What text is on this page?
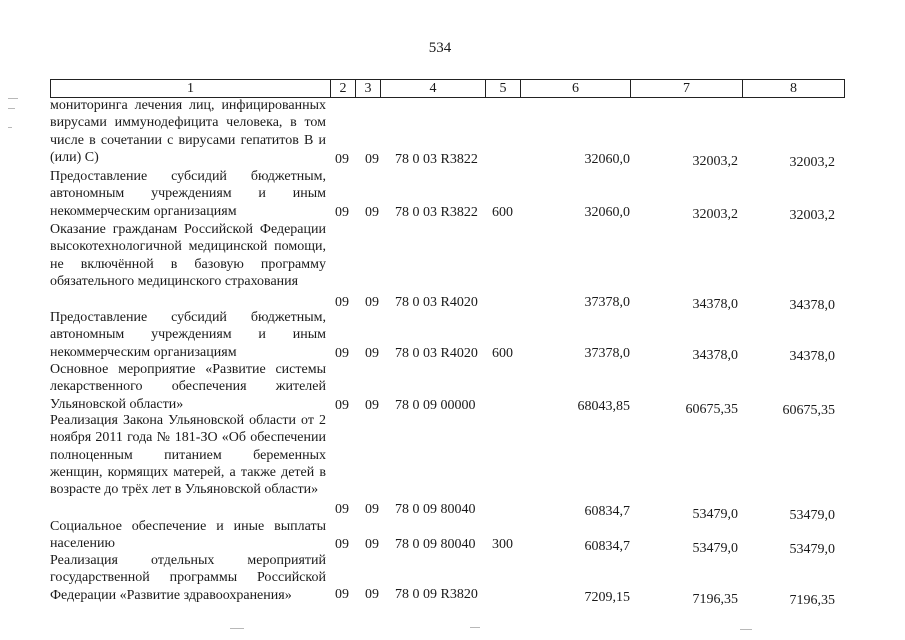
534
1	2	3	4	5	6	7	8
мониторинга лечения лиц, инфицированных вирусами иммунодефицита человека, в том числе в сочетании с вирусами гепатитов B и (или) C)	09 09 78 0 03 R3822	32060,0	32003,2	32003,2
Предоставление субсидий бюджетным, автономным учреждениям и иным некоммерческим организациям	09 09 78 0 03 R3822 600	32060,0	32003,2	32003,2
Оказание гражданам Российской Федерации высокотехнологичной медицинской помощи, не включённой в базовую программу обязательного медицинского страхования
09 09 78 0 03 R4020	37378,0	34378,0	34378,0
Предоставление субсидий бюджетным, автономным учреждениям и иным некоммерческим организациям	09 09 78 0 03 R4020 600	37378,0	34378,0	34378,0
Основное мероприятие «Развитие системы лекарственного обеспечения жителей Ульяновской области»	09 09 78 0 09 00000	68043,85	60675,35	60675,35
Реализация Закона Ульяновской области от 2 ноября 2011 года № 181-ЗО «Об обеспечении полноценным питанием беременных женщин, кормящих матерей, а также детей в возрасте до трёх лет в Ульяновской области»
09 09 78 0 09 80040	60834,7	53479,0	53479,0
Социальное обеспечение и иные выплаты населению	09 09 78 0 09 80040 300	60834,7	53479,0	53479,0
Реализация отдельных мероприятий государственной программы Российской Федерации «Развитие здравоохранения»	09 09 78 0 09 R3820	7209,15	7196,35	7196,35
